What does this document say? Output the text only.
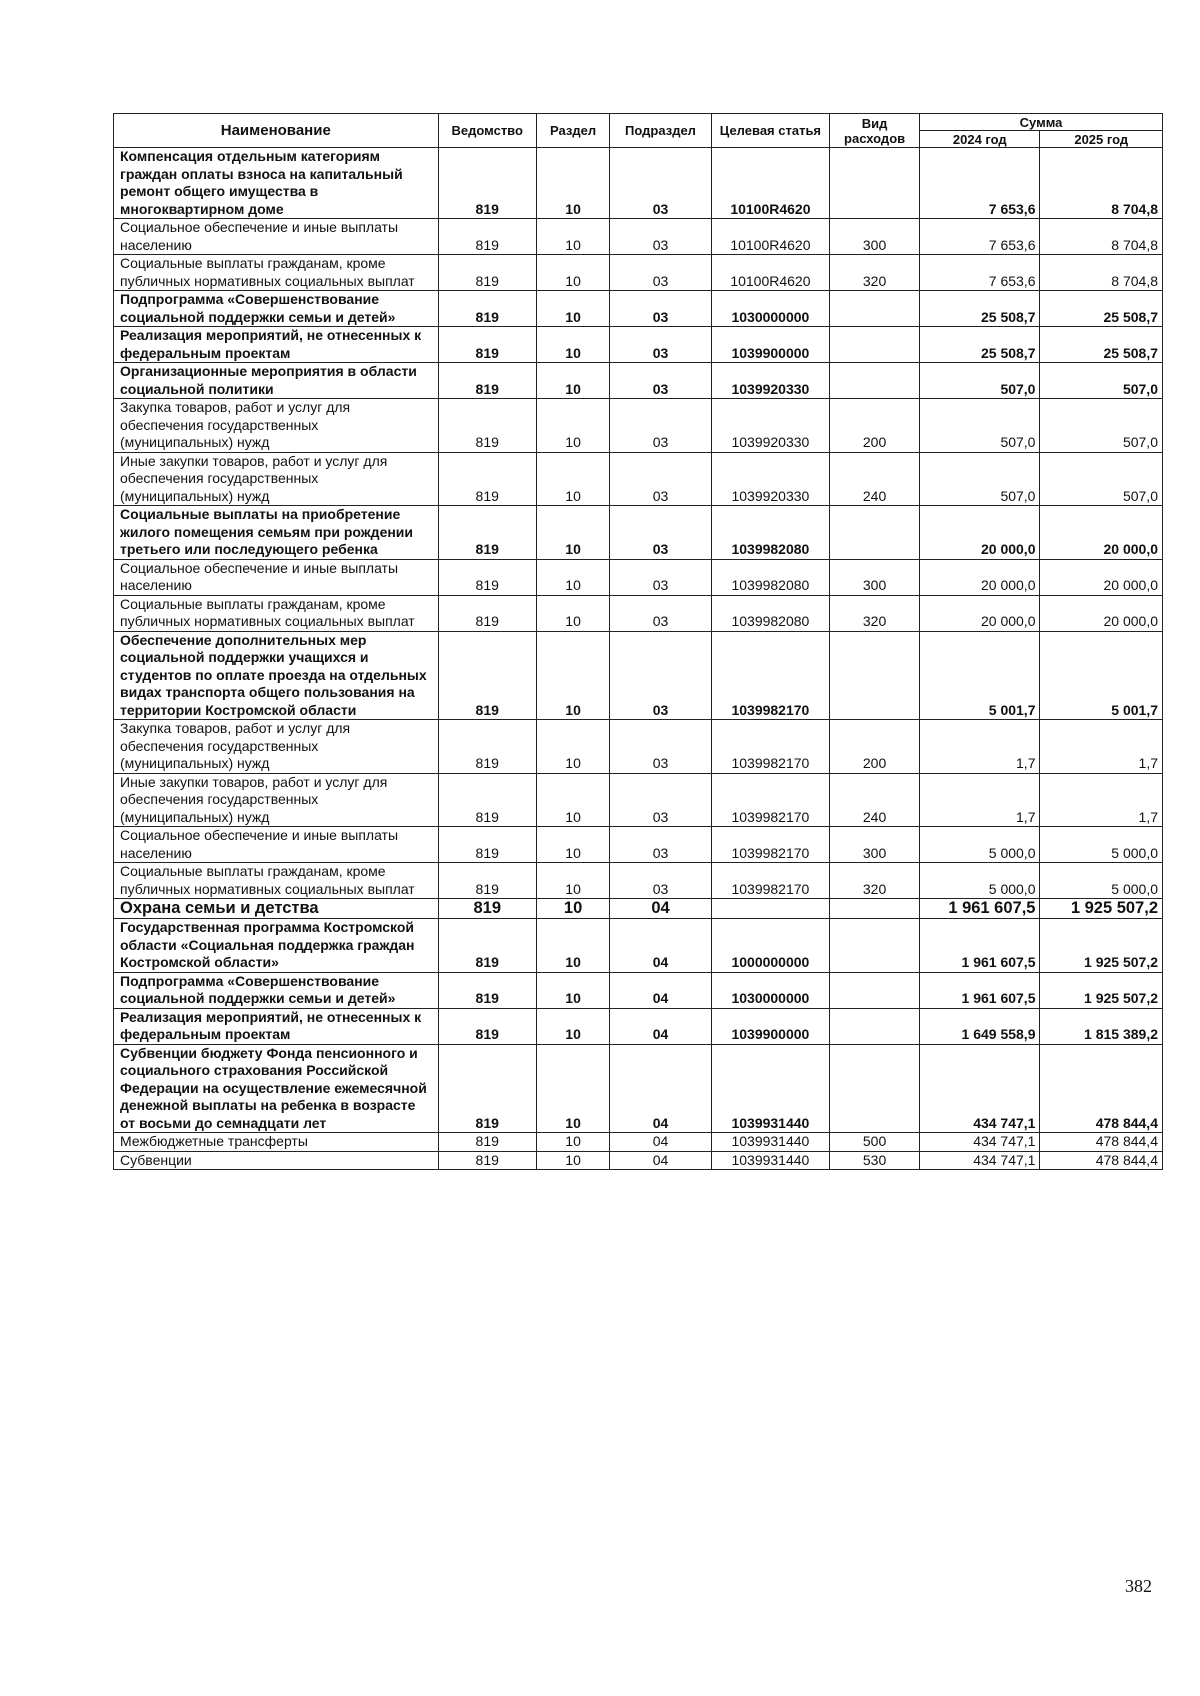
Наименование	Ведомство	Раздел	Подраздел	Целевая статья	Вид расходов	Сумма	
						2024 год	2025 год
Компенсация отдельным категориям граждан оплаты взноса на капитальный ремонт общего имущества в многоквартирном доме	819	10	03	10100R4620		7 653,6	8 704,8
Социальное обеспечение и иные выплаты населению	819	10	03	10100R4620	300	7 653,6	8 704,8
Социальные выплаты гражданам, кроме публичных нормативных социальных выплат	819	10	03	10100R4620	320	7 653,6	8 704,8
Подпрограмма «Совершенствование социальной поддержки семьи и детей»	819	10	03	1030000000		25 508,7	25 508,7
Реализация мероприятий, не отнесенных к федеральным проектам	819	10	03	1039900000		25 508,7	25 508,7
Организационные мероприятия в области социальной политики	819	10	03	1039920330		507,0	507,0
Закупка товаров, работ и услуг для обеспечения государственных (муниципальных) нужд	819	10	03	1039920330	200	507,0	507,0
Иные закупки товаров, работ и услуг для обеспечения государственных (муниципальных) нужд	819	10	03	1039920330	240	507,0	507,0
Социальные выплаты на приобретение жилого помещения семьям при рождении третьего или последующего ребенка	819	10	03	1039982080		20 000,0	20 000,0
Социальное обеспечение и иные выплаты населению	819	10	03	1039982080	300	20 000,0	20 000,0
Социальные выплаты гражданам, кроме публичных нормативных социальных выплат	819	10	03	1039982080	320	20 000,0	20 000,0
Обеспечение дополнительных мер социальной поддержки учащихся и студентов по оплате проезда на отдельных видах транспорта общего пользования на территории Костромской области	819	10	03	1039982170		5 001,7	5 001,7
Закупка товаров, работ и услуг для обеспечения государственных (муниципальных) нужд	819	10	03	1039982170	200	1,7	1,7
Иные закупки товаров, работ и услуг для обеспечения государственных (муниципальных) нужд	819	10	03	1039982170	240	1,7	1,7
Социальное обеспечение и иные выплаты населению	819	10	03	1039982170	300	5 000,0	5 000,0
Социальные выплаты гражданам, кроме публичных нормативных социальных выплат	819	10	03	1039982170	320	5 000,0	5 000,0
Охрана семьи и детства	819	10	04			1 961 607,5	1 925 507,2
Государственная программа Костромской области «Социальная поддержка граждан Костромской области»	819	10	04	1000000000		1 961 607,5	1 925 507,2
Подпрограмма «Совершенствование социальной поддержки семьи и детей»	819	10	04	1030000000		1 961 607,5	1 925 507,2
Реализация мероприятий, не отнесенных к федеральным проектам	819	10	04	1039900000		1 649 558,9	1 815 389,2
Субвенции бюджету Фонда пенсионного и социального страхования Российской Федерации на осуществление ежемесячной денежной выплаты на ребенка в возрасте от восьми до семнадцати лет	819	10	04	1039931440		434 747,1	478 844,4
Межбюджетные трансферты	819	10	04	1039931440	500	434 747,1	478 844,4
Субвенции	819	10	04	1039931440	530	434 747,1	478 844,4
382
